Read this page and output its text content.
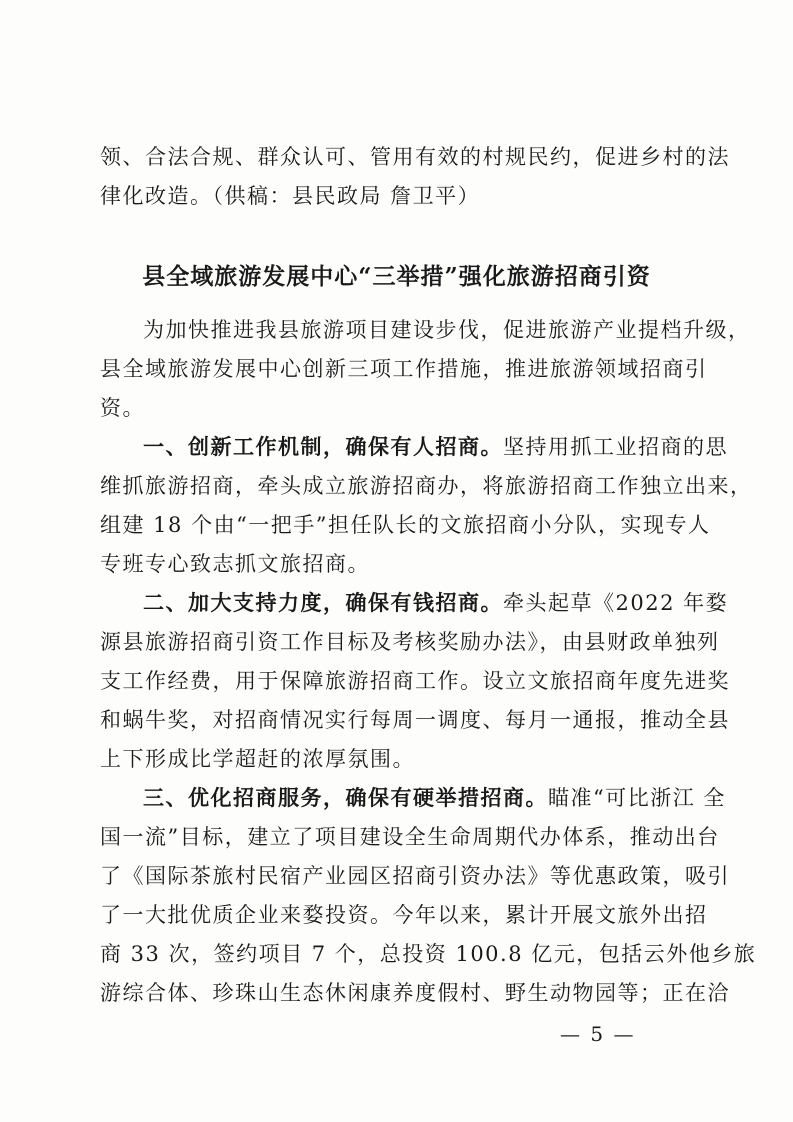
领、合法合规、群众认可、管用有效的村规民约，促进乡村的法
律化改造。（供稿：县民政局 詹卫平）
县全域旅游发展中心“三举措”强化旅游招商引资
为加快推进我县旅游项目建设步伐，促进旅游产业提档升级，
县全域旅游发展中心创新三项工作措施，推进旅游领域招商引
资。
一、创新工作机制，确保有人招商。坚持用抓工业招商的思
维抓旅游招商，牵头成立旅游招商办，将旅游招商工作独立出来，
组建 18 个由“一把手”担任队长的文旅招商小分队，实现专人
专班专心致志抓文旅招商。
二、加大支持力度，确保有钱招商。牵头起草《2022 年婺
源县旅游招商引资工作目标及考核奖励办法》，由县财政单独列
支工作经费，用于保障旅游招商工作。设立文旅招商年度先进奖
和蜗牛奖，对招商情况实行每周一调度、每月一通报，推动全县
上下形成比学超赶的浓厚氛围。
三、优化招商服务，确保有硬举措招商。瞄准“可比浙江 全
国一流”目标，建立了项目建设全生命周期代办体系，推动出台
了《国际茶旅村民宿产业园区招商引资办法》等优惠政策，吸引
了一大批优质企业来婺投资。今年以来，累计开展文旅外出招
商 33 次，签约项目 7 个，总投资 100.8 亿元，包括云外他乡旅
游综合体、珍珠山生态休闲康养度假村、野生动物园等；正在洽
— 5 —
